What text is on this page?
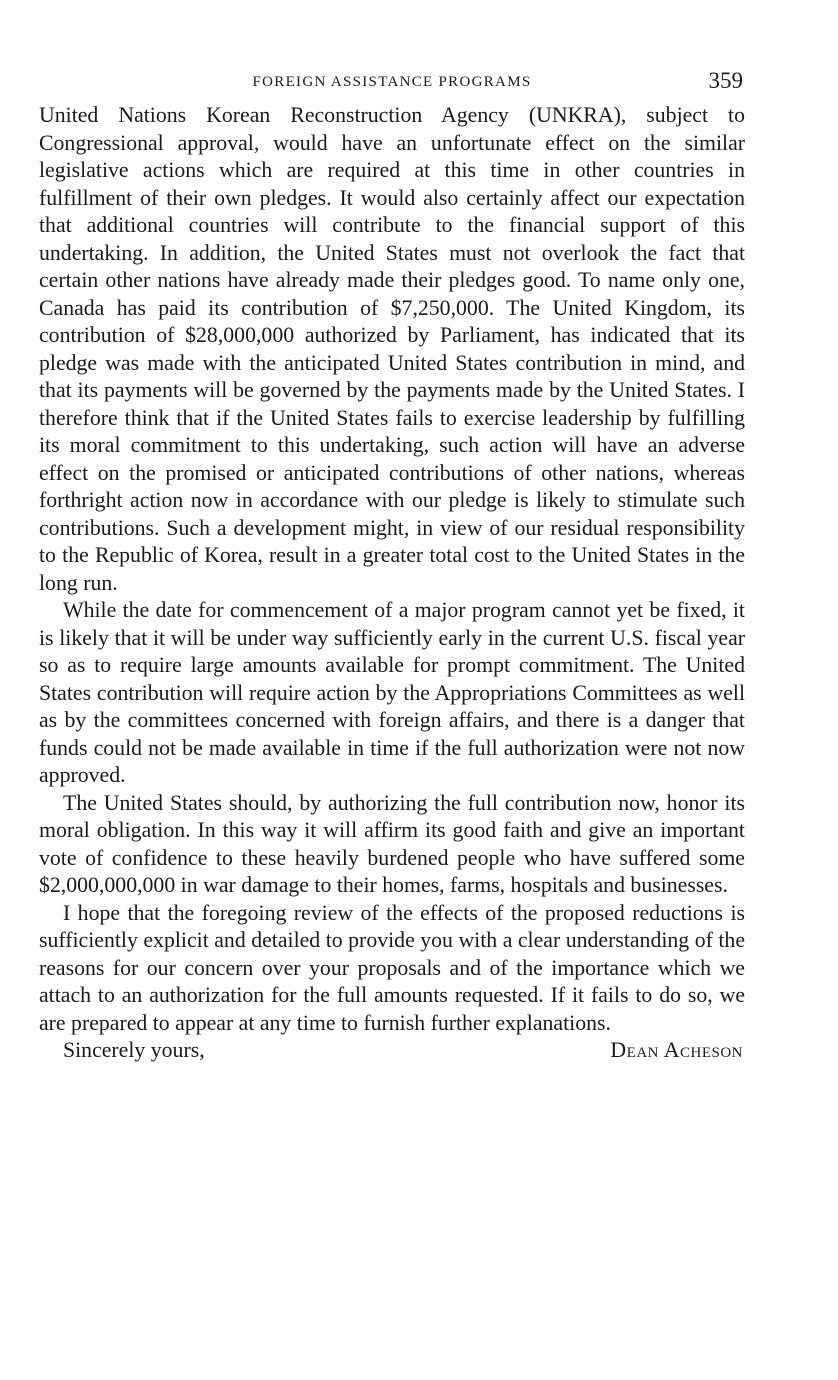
FOREIGN ASSISTANCE PROGRAMS	359

United Nations Korean Reconstruction Agency (UNKRA), subject to Congressional approval, would have an unfortunate effect on the similar legislative actions which are required at this time in other countries in fulfillment of their own pledges. It would also certainly affect our expectation that additional countries will contribute to the financial support of this undertaking. In addition, the United States must not overlook the fact that certain other nations have already made their pledges good. To name only one, Canada has paid its contribution of $7,250,000. The United Kingdom, its contribution of $28,000,000 authorized by Parliament, has indicated that its pledge was made with the anticipated United States contribution in mind, and that its payments will be governed by the payments made by the United States. I therefore think that if the United States fails to exercise leadership by fulfilling its moral commitment to this undertaking, such action will have an adverse effect on the promised or anticipated contributions of other nations, whereas forthright action now in accordance with our pledge is likely to stimulate such contributions. Such a development might, in view of our residual responsibility to the Republic of Korea, result in a greater total cost to the United States in the long run.

While the date for commencement of a major program cannot yet be fixed, it is likely that it will be under way sufficiently early in the current U.S. fiscal year so as to require large amounts available for prompt commitment. The United States contribution will require action by the Appropriations Committees as well as by the committees concerned with foreign affairs, and there is a danger that funds could not be made available in time if the full authorization were not now approved.

The United States should, by authorizing the full contribution now, honor its moral obligation. In this way it will affirm its good faith and give an important vote of confidence to these heavily burdened people who have suffered some $2,000,000,000 in war damage to their homes, farms, hospitals and businesses.

I hope that the foregoing review of the effects of the proposed reductions is sufficiently explicit and detailed to provide you with a clear understanding of the reasons for our concern over your proposals and of the importance which we attach to an authorization for the full amounts requested. If it fails to do so, we are prepared to appear at any time to furnish further explanations.

Sincerely yours,	Dean Acheson
